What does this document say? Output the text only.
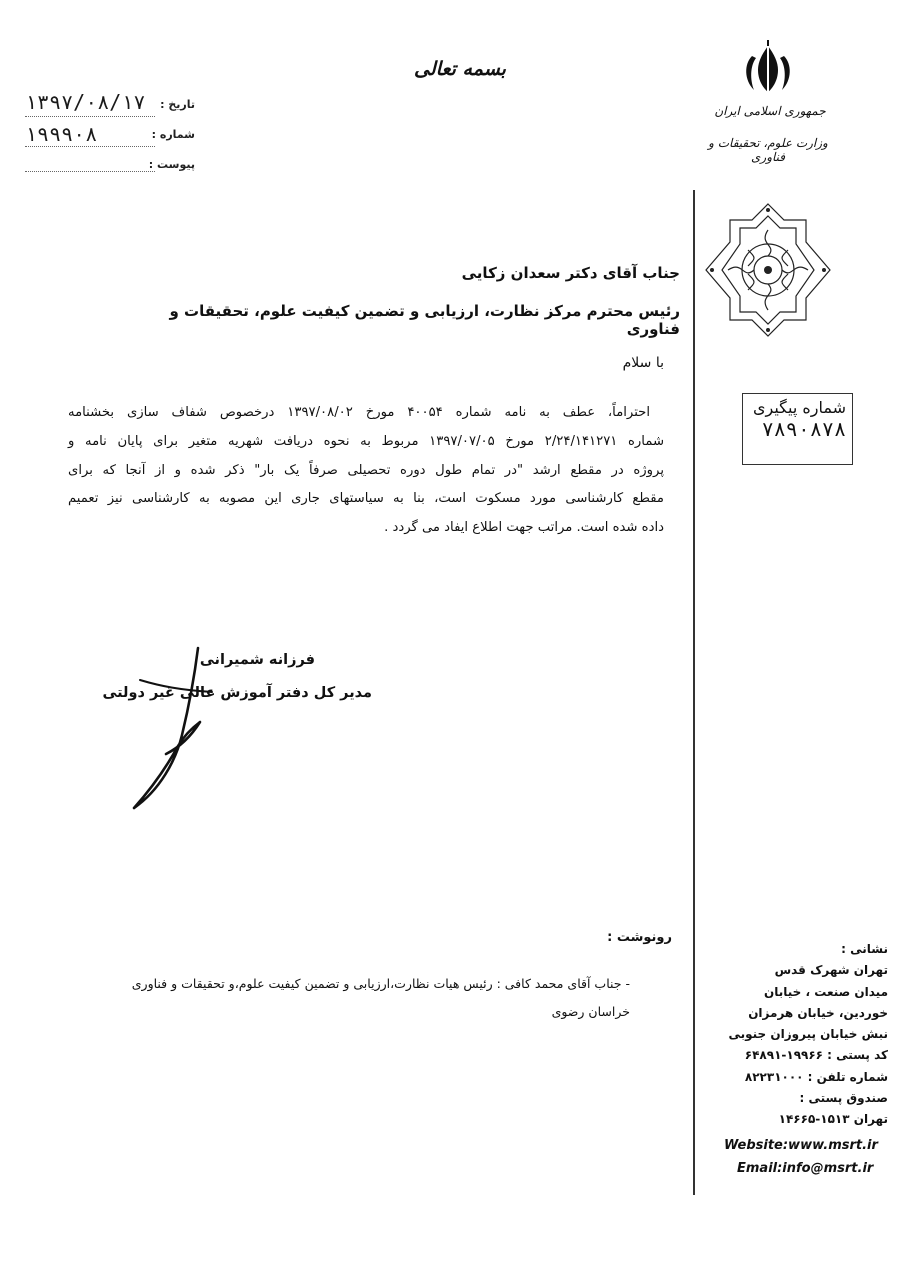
بسمه تعالی
۱۳۹۷/۰۸/۱۷	تاریخ :
۱۹۹۹۰۸	شماره :
پیوست :
جمهوری اسلامی ایران
وزارت علوم، تحقیقات و فناوری
شماره پیگیری
۷۸۹۰۸۷۸
جناب آقای دکتر سعدان زکایی
رئیس محترم مرکز نظارت، ارزیابی و تضمین کیفیت علوم، تحقیقات و فناوری
با سلام
احتراماً، عطف به نامه شماره ۴۰۰۵۴ مورخ ۱۳۹۷/۰۸/۰۲ درخصوص شفاف سازی بخشنامه
شماره ۲/۲۴/۱۴۱۲۷۱ مورخ ۱۳۹۷/۰۷/۰۵ مربوط به نحوه دریافت شهریه متغیر برای پایان نامه و
پروژه در مقطع ارشد "در تمام طول دوره تحصیلی صرفاً یک بار" ذکر شده و از آنجا که برای
مقطع کارشناسی مورد مسکوت است، بنا به سیاستهای جاری این مصوبه به کارشناسی نیز تعمیم
داده شده است. مراتب جهت اطلاع ایفاد می گردد .
فرزانه شمیرانی
مدیر کل دفتر آموزش عالی غیر دولتی
رونوشت :
- جناب آقای محمد کافی : رئیس هیات نظارت،ارزیابی و تضمین کیفیت علوم،و تحقیقات و فناوری
خراسان رضوی
نشانی :
تهران شهرک قدس
میدان صنعت ، خیابان
خوردین، خیابان هرمزان
نبش خیابان پیروزان جنوبی
کد پستی : ۱۹۹۶۶-۶۴۸۹۱
شماره تلفن : ۸۲۲۳۱۰۰۰
صندوق پستی :
تهران ۱۵۱۳-۱۴۶۶۵
Website:www.msrt.ir
Email:info@msrt.ir
